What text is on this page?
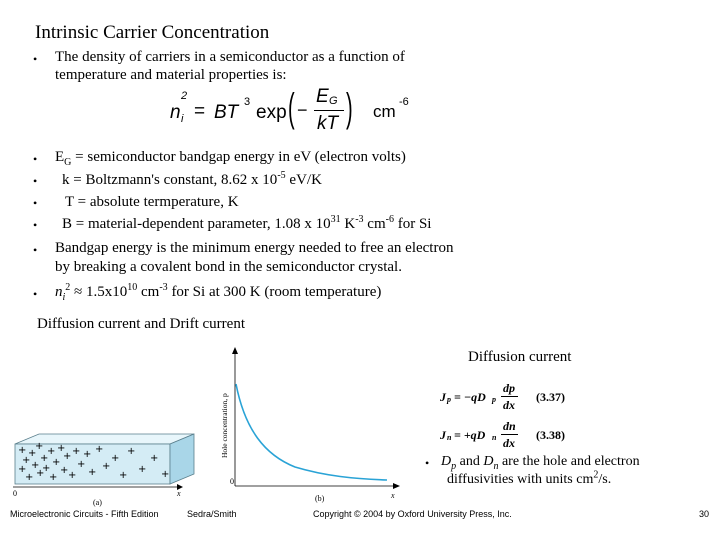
Intrinsic Carrier Concentration
• The density of carriers in a semiconductor as a function of
temperature and material properties is:
n
2
i = BT 3 exp ( −
E G
kT ) cm -6
• $E_G$ = semiconductor bandgap energy in eV (electron volts)
• k = Boltzmann's constant, 8.62 x $10^{-5}$ eV/K
• T = absolute termperature, K
• B = material-dependent parameter, 1.08 x $10^{31}$ $K^{-3}$ $cm^{-6}$ for Si
• Bandgap energy is the minimum energy needed to free an electron
by breaking a covalent bond in the semiconductor crystal.
• $n_i^2 \approx 1.5x10^{10}$ $cm^{-3}$ for Si at 300 K (room temperature)
Diffusion current and Drift current
Diffusion current
J p = −qD p
dp
dx
(3.37)
J n = +qD n
dn
dx
(3.38)
• $D_p$ and $D_n$ are the hole and electron
diffusivities with units $cm^2/s$.
+
+
+
+
+
+
+
+
+
+
+
+
+
+
+
+
+
+
+
+
+
+
+
+
+
+
+
+
+
0	x
(a)
Hole concentration, p
0
x
(b)
Microelectronic Circuits - Fifth Edition	Sedra/Smith	Copyright © 2004 by Oxford University Press, Inc.	30
